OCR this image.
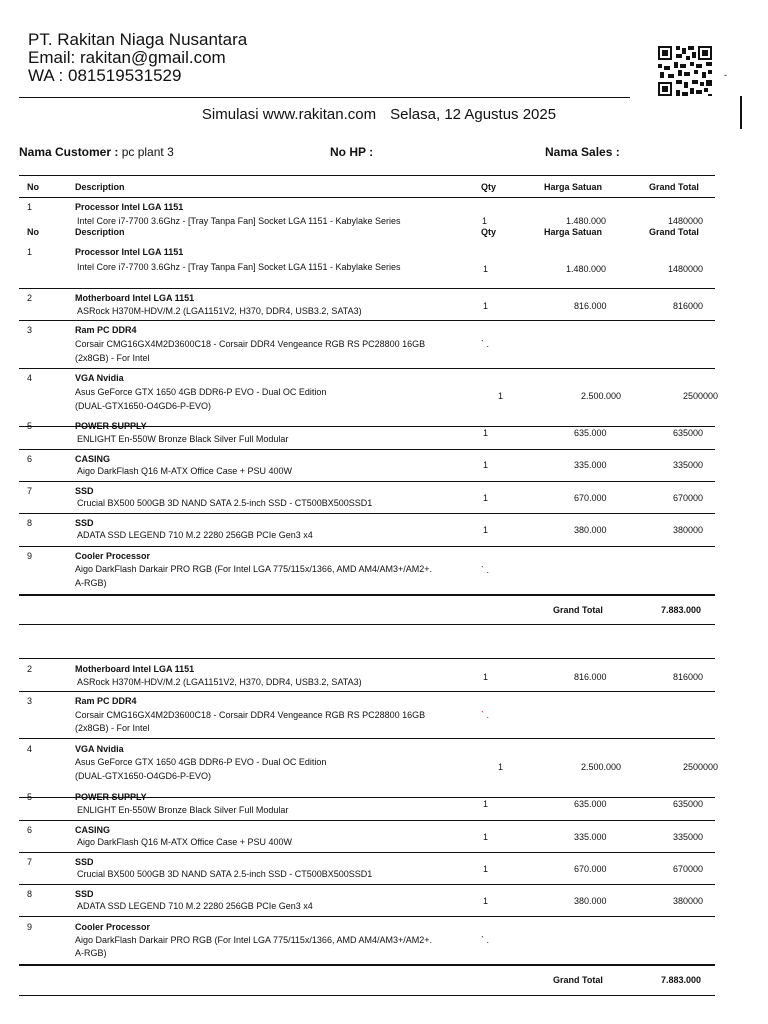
PT. Rakitan Niaga Nusantara
Email: rakitan@gmail.com
WA : 081519531529	-
Simulasi www.rakitan.com Selasa, 12 Agustus 2025
Nama Customer : pc plant 3	No HP :	Nama Sales :
No	Description	Qty	Harga Satuan	Grand Total
1	Processor Intel LGA 1151
Intel Core i7-7700 3.6Ghz - [Tray Tanpa Fan] Socket LGA 1151 - Kabylake Series	1	1.480.000	1480000
No	Description	Qty	Harga Satuan	Grand Total
1	Processor Intel LGA 1151
Intel Core i7-7700 3.6Ghz - [Tray Tanpa Fan] Socket LGA 1151 - Kabylake Series	1	1.480.000	1480000
2	Motherboard Intel LGA 1151
ASRock H370M-HDV/M.2 (LGA1151V2, H370, DDR4, USB3.2, SATA3)	1	816.000	816000
3	Ram PC DDR4
Corsair CMG16GX4M2D3600C18 - Corsair DDR4 Vengeance RGB RS PC28800 16GB
(2x8GB) - For Intel
` .
4	VGA Nvidia
Asus GeForce GTX 1650 4GB DDR6-P EVO - Dual OC Edition
(DUAL-GTX1650-O4GD6-P-EVO)
1	2.500.000	2500000
5	POWER SUPPLY
ENLIGHT En-550W Bronze Black Silver Full Modular
1	635.000	635000
6	CASING
Aigo DarkFlash Q16 M-ATX Office Case + PSU 400W
1	335.000	335000
7	SSD
Crucial BX500 500GB 3D NAND SATA 2.5-inch SSD - CT500BX500SSD1	1	670.000	670000
8	SSD
ADATA SSD LEGEND 710 M.2 2280 256GB PCIe Gen3 x4	1	380.000	380000
9	Cooler Processor
Aigo DarkFlash Darkair PRO RGB (For Intel LGA 775/115x/1366, AMD AM4/AM3+/AM2+.
A-RGB)
` .
Grand Total	7.883.000
2	Motherboard Intel LGA 1151
ASRock H370M-HDV/M.2 (LGA1151V2, H370, DDR4, USB3.2, SATA3)	1	816.000	816000
3	Ram PC DDR4
Corsair CMG16GX4M2D3600C18 - Corsair DDR4 Vengeance RGB RS PC28800 16GB
(2x8GB) - For Intel
` .
4	VGA Nvidia
Asus GeForce GTX 1650 4GB DDR6-P EVO - Dual OC Edition
(DUAL-GTX1650-O4GD6-P-EVO)
1	2.500.000	2500000
5	POWER SUPPLY
ENLIGHT En-550W Bronze Black Silver Full Modular
1	635.000	635000
6	CASING
Aigo DarkFlash Q16 M-ATX Office Case + PSU 400W	1	335.000	335000
7	SSD
Crucial BX500 500GB 3D NAND SATA 2.5-inch SSD - CT500BX500SSD1	1	670.000	670000
8	SSD
ADATA SSD LEGEND 710 M.2 2280 256GB PCIe Gen3 x4	1	380.000	380000
9	Cooler Processor
Aigo DarkFlash Darkair PRO RGB (For Intel LGA 775/115x/1366, AMD AM4/AM3+/AM2+.
A-RGB)
` .
Grand Total	7.883.000
